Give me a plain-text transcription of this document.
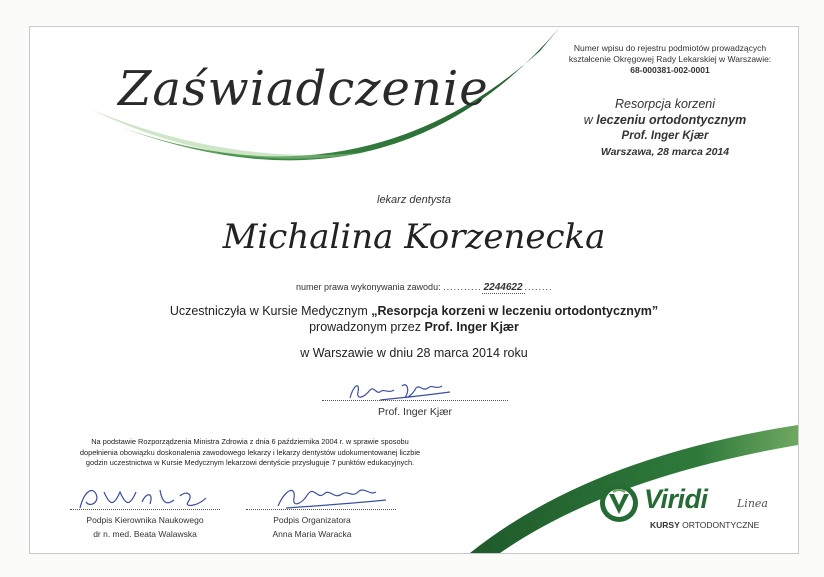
Zaświadczenie
Numer wpisu do rejestru podmiotów prowadzących
kształcenie Okręgowej Rady Lekarskiej w Warszawie:
68-000381-002-0001
Resorpcja korzeni
w leczeniu ortodontycznym
Prof. Inger Kjær
Warszawa, 28 marca 2014
lekarz dentysta
Michalina Korzenecka
numer prawa wykonywania zawodu: ........... 2244622 ........
Uczestniczyła w Kursie Medycznym „Resorpcja korzeni w leczeniu ortodontycznym”
prowadzonym przez Prof. Inger Kjær
w Warszawie w dniu 28 marca 2014 roku
Prof. Inger Kjær
Na podstawie Rozporządzenia Ministra Zdrowia z dnia 6 października 2004 r. w sprawie sposobu
dopełnienia obowiązku doskonalenia zawodowego lekarzy i lekarzy dentystów udokumentowanej liczbie
godzin uczestnictwa w Kursie Medycznym lekarzowi dentyście przysługuje 7 punktów edukacyjnych.
Podpis Kierownika Naukowego
dr n. med. Beata Walawska
Podpis Organizatora
Anna Maria Waracka
Viridi	Linea
KURSY ORTODONTYCZNE
